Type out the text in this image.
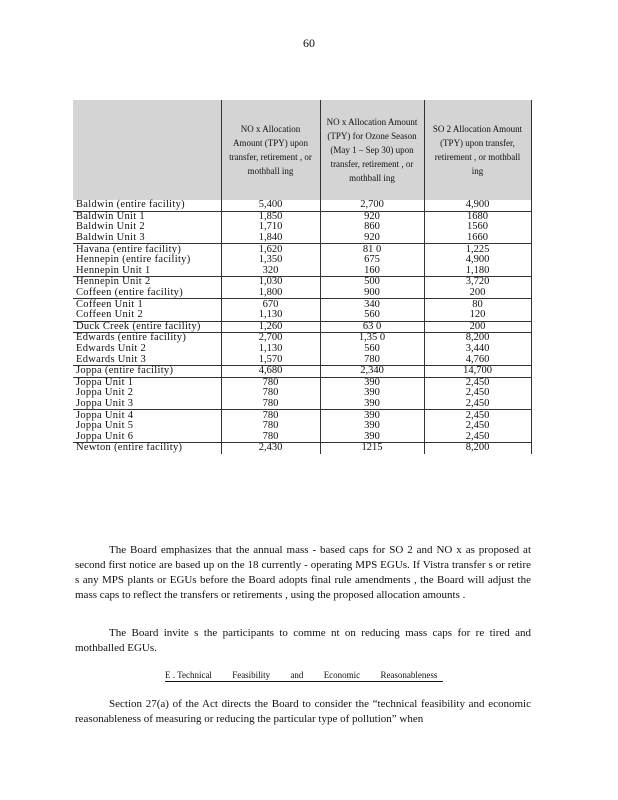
60
	NO x Allocation Amount (TPY) upon transfer, retirement , or mothball ing	NO x Allocation Amount (TPY) for Ozone Season (May 1 – Sep 30) upon transfer, retirement , or mothball ing	SO 2 Allocation Amount (TPY) upon transfer, retirement , or mothball ing
Baldwin (entire facility)	5,400	2,700	4,900
Baldwin Unit 1	1,850	920	1680
Baldwin Unit 2	1,710	860	1560
Baldwin Unit 3	1,840	920	1660
Havana (entire facility)	1,620	81 0	1,225
Hennepin (entire facility)	1,350	675	4,900
Hennepin Unit 1	320	160	1,180
Hennepin Unit 2	1,030	500	3,720
Coffeen (entire facility)	1,800	900	200
Coffeen Unit 1	670	340	80
Coffeen Unit 2	1,130	560	120
Duck Creek (entire facility)	1,260	63 0	200
Edwards (entire facility)	2,700	1,35 0	8,200
Edwards Unit 2	1,130	560	3,440
Edwards Unit 3	1,570	780	4,760
Joppa (entire facility)	4,680	2,340	14,700
Joppa Unit 1	780	390	2,450
Joppa Unit 2	780	390	2,450
Joppa Unit 3	780	390	2,450
Joppa Unit 4	780	390	2,450
Joppa Unit 5	780	390	2,450
Joppa Unit 6	780	390	2,450
Newton (entire facility)	2,430	1215	8,200

The Board emphasizes that the annual mass - based caps for SO 2 and NO x as proposed at second first notice are based up on the 18 currently - operating MPS EGUs. If Vistra transfer s or retire s any MPS plants or EGUs before the Board adopts final rule amendments , the Board will adjust the mass caps to reflect the transfers or retirements , using the proposed allocation amounts .

The Board invite s the participants to comme nt on reducing mass caps for re tired and mothballed EGUs.

E . Technical Feasibility and Economic Reasonableness

Section 27(a) of the Act directs the Board to consider the “technical feasibility and economic reasonableness of measuring or reducing the particular type of pollution” when
